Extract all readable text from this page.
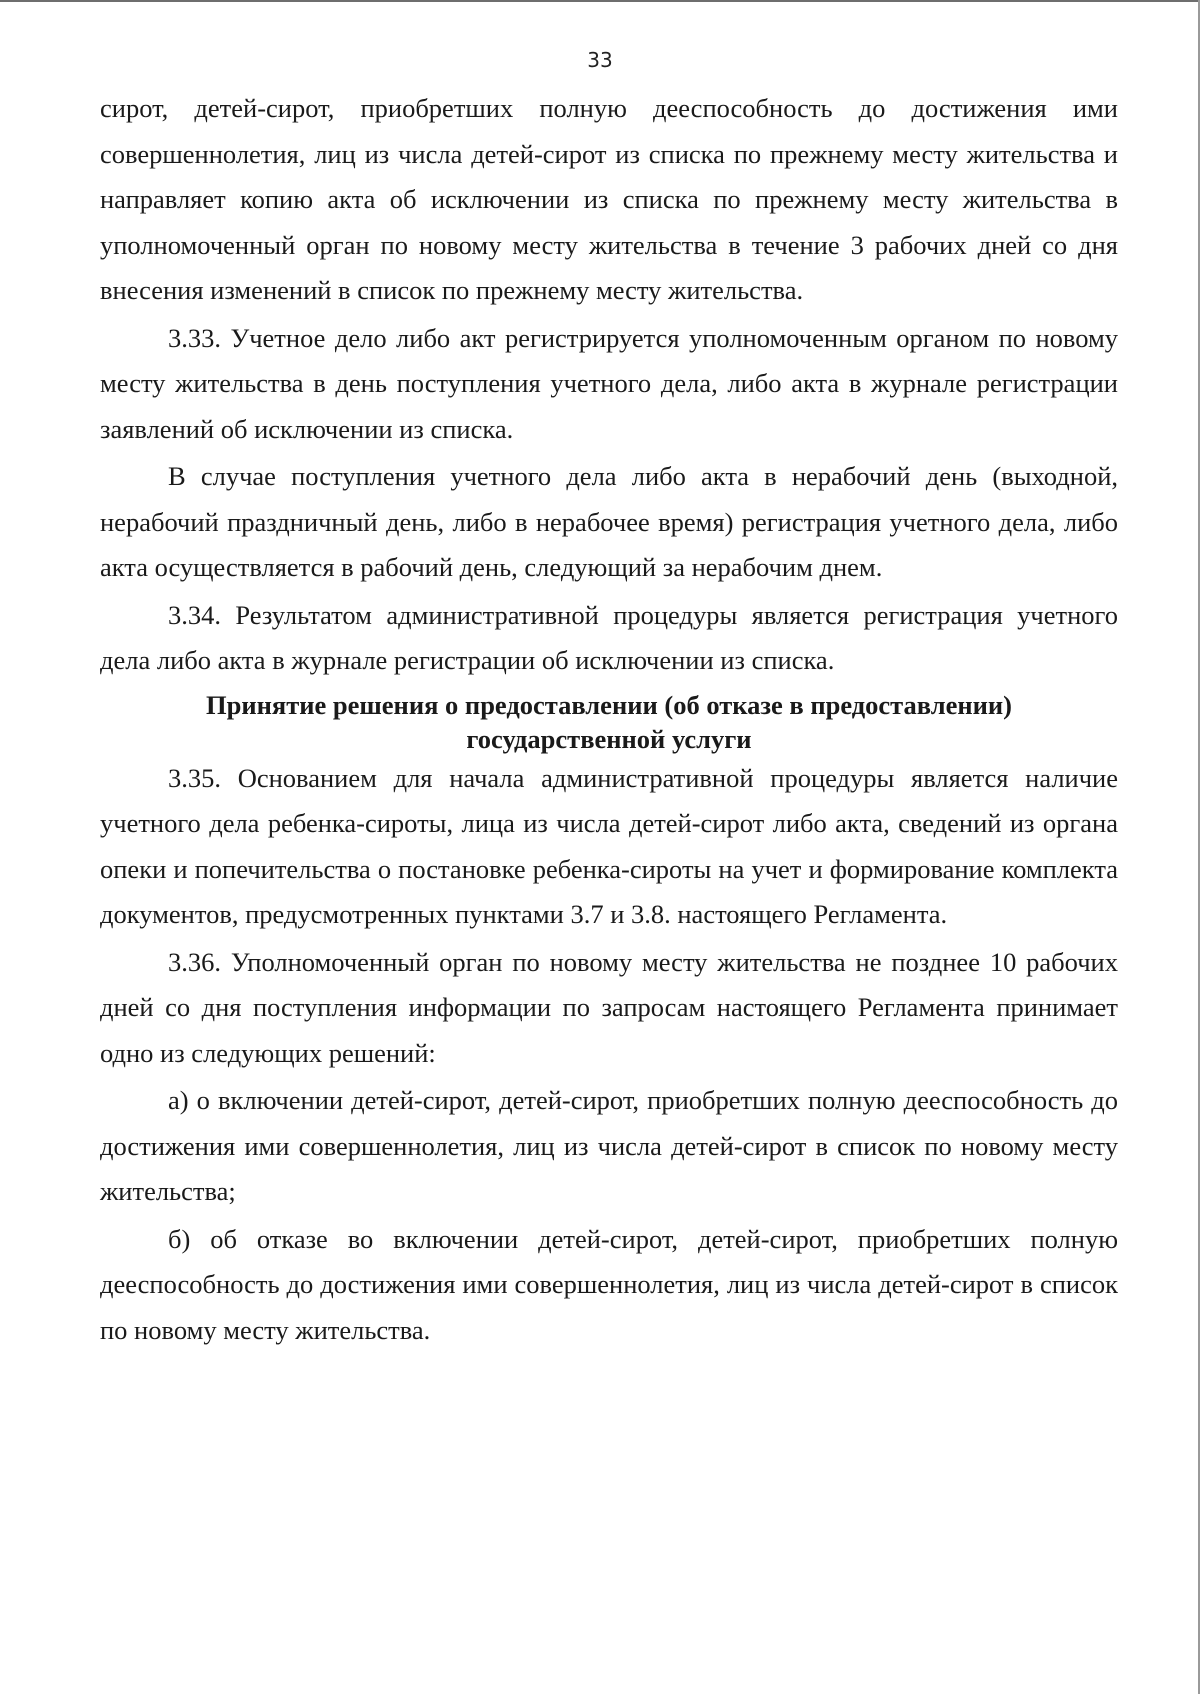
33

сирот, детей-сирот, приобретших полную дееспособность до достижения ими совершеннолетия, лиц из числа детей-сирот из списка по прежнему месту жительства и направляет копию акта об исключении из списка по прежнему месту жительства в уполномоченный орган по новому месту жительства в течение 3 рабочих дней со дня внесения изменений в список по прежнему месту жительства.

3.33. Учетное дело либо акт регистрируется уполномоченным органом по новому месту жительства в день поступления учетного дела, либо акта в журнале регистрации заявлений об исключении из списка.

В случае поступления учетного дела либо акта в нерабочий день (выходной, нерабочий праздничный день, либо в нерабочее время) регистрация учетного дела, либо акта осуществляется в рабочий день, следующий за нерабочим днем.

3.34. Результатом административной процедуры является регистрация учетного дела либо акта в журнале регистрации об исключении из списка.

Принятие решения о предоставлении (об отказе в предоставлении)
государственной услуги

3.35. Основанием для начала административной процедуры является наличие учетного дела ребенка-сироты, лица из числа детей-сирот либо акта, сведений из органа опеки и попечительства о постановке ребенка-сироты на учет и формирование комплекта документов, предусмотренных пунктами 3.7 и 3.8. настоящего Регламента.

3.36. Уполномоченный орган по новому месту жительства не позднее 10 рабочих дней со дня поступления информации по запросам настоящего Регламента принимает одно из следующих решений:

а) о включении детей-сирот, детей-сирот, приобретших полную дееспособность до достижения ими совершеннолетия, лиц из числа детей-сирот в список по новому месту жительства;

б) об отказе во включении детей-сирот, детей-сирот, приобретших полную дееспособность до достижения ими совершеннолетия, лиц из числа детей-сирот в список по новому месту жительства.
